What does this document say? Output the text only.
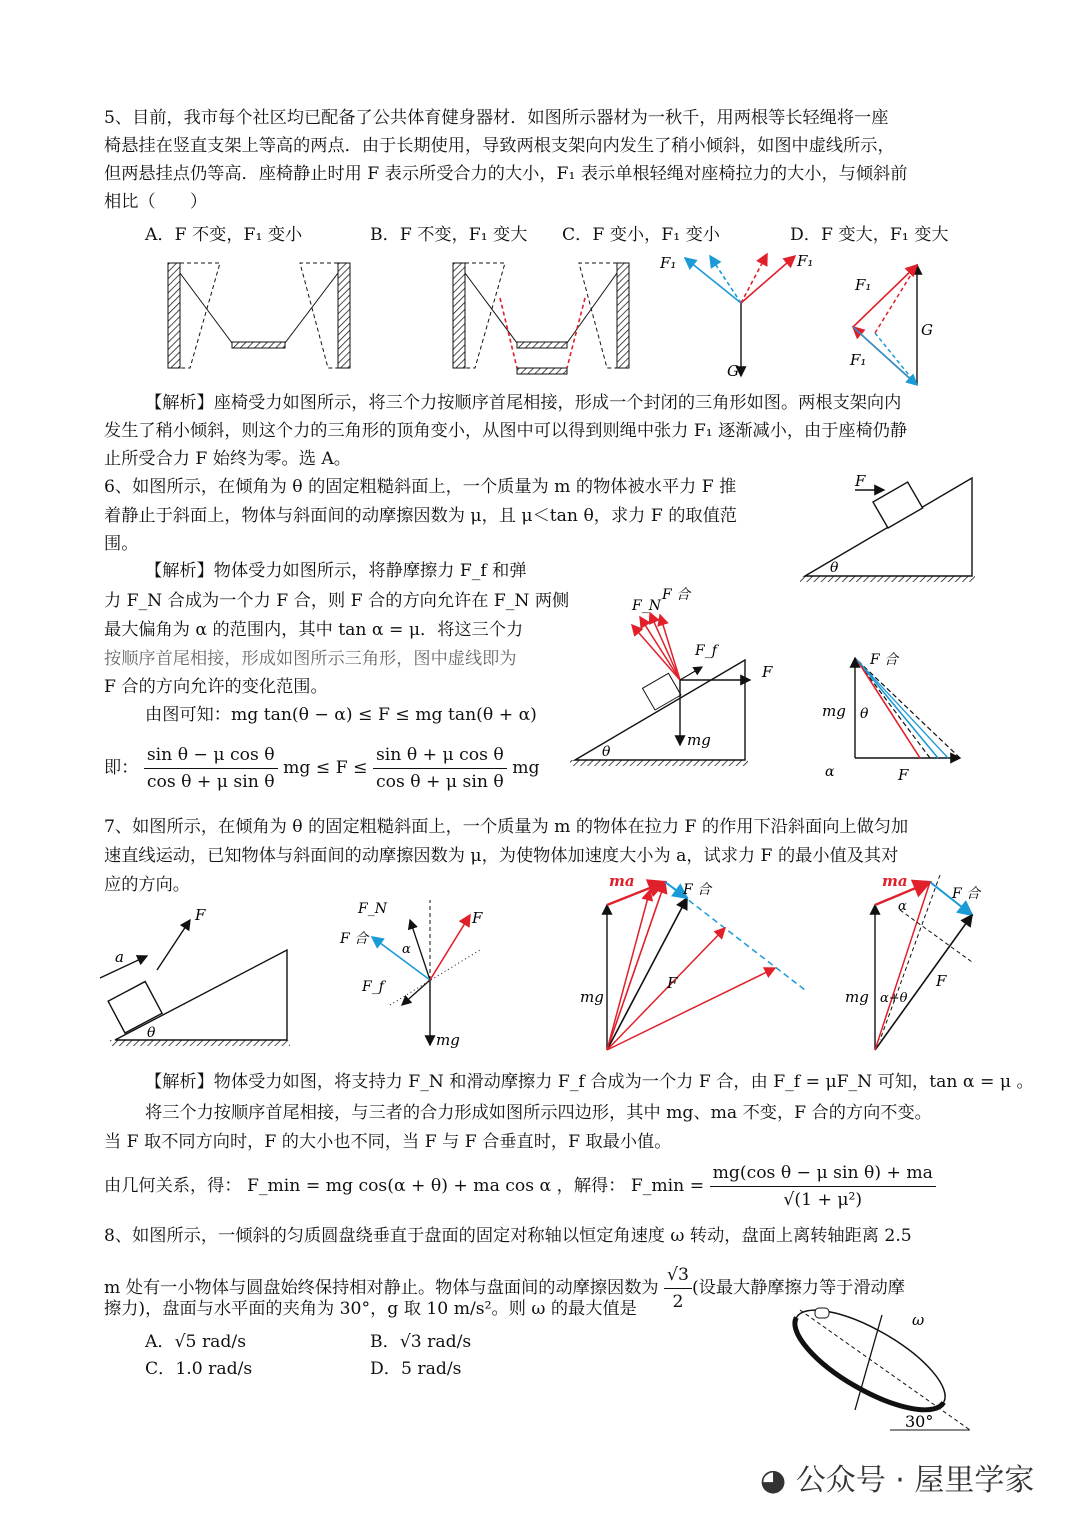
5、目前，我市每个社区均已配备了公共体育健身器材．如图所示器材为一秋千，用两根等长轻绳将一座
椅悬挂在竖直支架上等高的两点．由于长期使用，导致两根支架向内发生了稍小倾斜，如图中虚线所示，
但两悬挂点仍等高．座椅静止时用 F 表示所受合力的大小，F₁ 表示单根轻绳对座椅拉力的大小，与倾斜前
相比（　　）
A．F 不变，F₁ 变小	B．F 不变，F₁ 变大 C．F 变小，F₁ 变小	D．F 变大，F₁ 变大
F₁	F₁
G
F₁
F₁
G
【解析】座椅受力如图所示，将三个力按顺序首尾相接，形成一个封闭的三角形如图。两根支架向内
发生了稍小倾斜，则这个力的三角形的顶角变小，从图中可以得到则绳中张力 F₁ 逐渐减小，由于座椅仍静
止所受合力 F 始终为零。选 A。
6、如图所示，在倾角为 θ 的固定粗糙斜面上，一个质量为 m 的物体被水平力 F 推
着静止于斜面上，物体与斜面间的动摩擦因数为 μ，且 μ＜tan θ，求力 F 的取值范
围。
F
θ
【解析】物体受力如图所示，将静摩擦力 F_f 和弹
力 F_N 合成为一个力 F 合，则 F 合的方向允许在 F_N 两侧
最大偏角为 α 的范围内，其中 tan α = μ．将这三个力
按顺序首尾相接，形成如图所示三角形，图中虚线即为
F 合的方向允许的变化范围。
由图可知：mg tan(θ − α) ≤ F ≤ mg tan(θ + α)
即： $\frac{\text{sin θ − μ cos θ}}{\text{cos θ + μ sin θ}}$ mg ≤ $F \le \frac{\text{sin θ + μ cos θ}}{\text{cos θ + μ sin θ}}$ mg
F_N
F 合
F_f
F
mg
θ
F 合
mg θ
α	F
7、如图所示，在倾角为 θ 的固定粗糙斜面上，一个质量为 m 的物体在拉力 F 的作用下沿斜面向上做匀加
速直线运动，已知物体与斜面间的动摩擦因数为 μ，为使物体加速度大小为 a，试求力 F 的最小值及其对
应的方向。
a
F
θ
F_N
F 合
F
F_f
mg
α
ma	F 合
mg
F
ma
F 合
mg
F
α+θ
α
【解析】物体受力如图，将支持力 F_N 和滑动摩擦力 F_f 合成为一个力 F 合，由 F_f = μF_N 可知，tan α = μ 。
将三个力按顺序首尾相接，与三者的合力形成如图所示四边形，其中 mg、ma 不变，F 合的方向不变。
当 F 取不同方向时，F 的大小也不同，当 F 与 F 合垂直时，F 取最小值。
由几何关系，得： F_min = mg cos(α + θ) + ma cos α ，解得： F_min = $\frac{\text{mg(cos θ − μ sin θ) + ma}}{\text{√(1 + μ²)}}$
8、如图所示，一倾斜的匀质圆盘绕垂直于盘面的固定对称轴以恒定角速度 ω 转动，盘面上离转轴距离 2.5
m 处有一小物体与圆盘始终保持相对静止。物体与盘面间的动摩擦因数为 $\frac{√3}{2}$ (设最大静摩擦力等于滑动摩
擦力)，盘面与水平面的夹角为 30°，g 取 10 m/s²。则 ω 的最大值是
A．√5 rad/s	B．√3 rad/s
C．1.0 rad/s	D．5 rad/s
ω
30°
◕ 公众号 · 屋里学家
